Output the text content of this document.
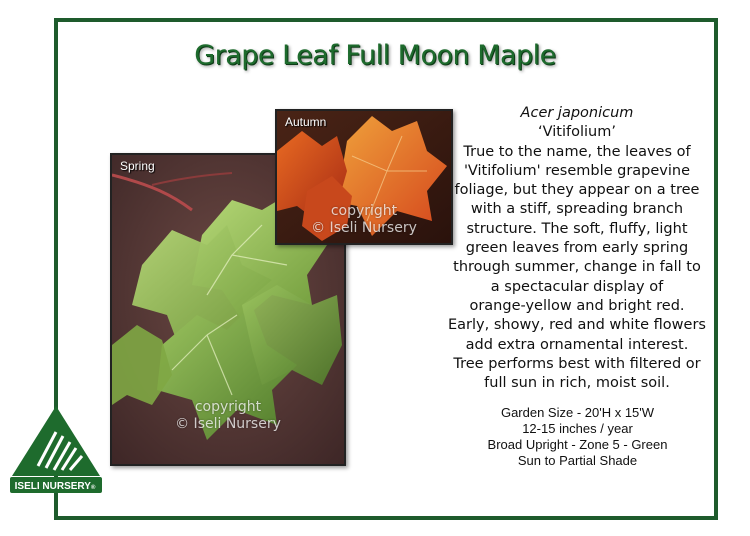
Grape Leaf Full Moon Maple
Spring
copyright
© Iseli Nursery
Autumn
copyright
© Iseli Nursery
Acer japonicum
‘Vitifolium’
True to the name, the leaves of
'Vitifolium' resemble grapevine
foliage, but they appear on a tree
with a stiff, spreading branch
structure. The soft, fluffy, light
green leaves from early spring
through summer, change in fall to
a spectacular display of
orange-yellow and bright red.
Early, showy, red and white flowers
add extra ornamental interest.
Tree performs best with filtered or
full sun in rich, moist soil.
Garden Size - 20'H x 15'W
12-15 inches / year
Broad Upright - Zone 5 - Green
Sun to Partial Shade
ISELI NURSERY®
